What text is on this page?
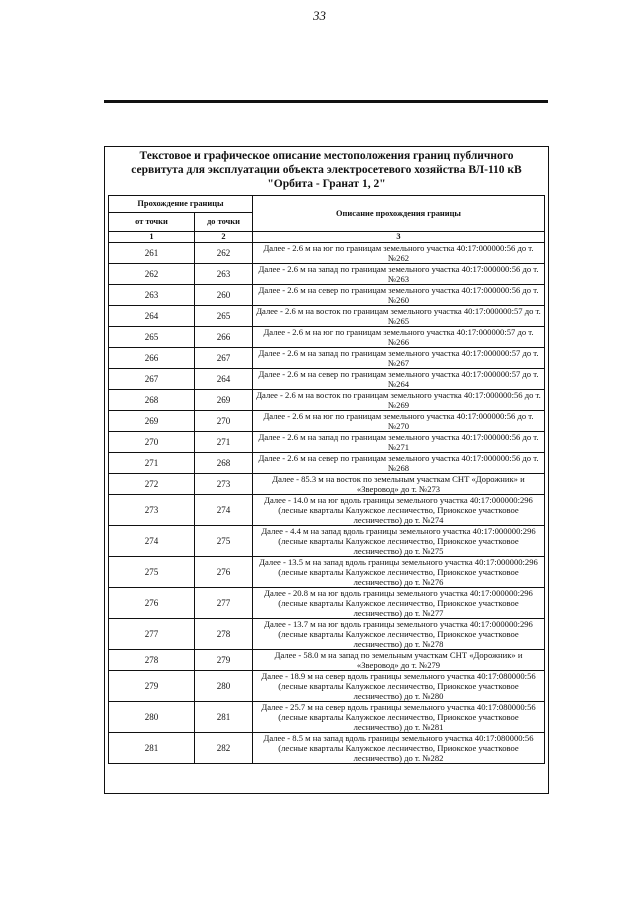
33
Текстовое и графическое описание местоположения границ публичного
сервитута для эксплуатации объекта электросетевого хозяйства ВЛ-110 кВ
"Орбита - Гранат 1, 2"
Прохождение границы		Описание прохождения границы
от точки	до точки	
1	2	3
261	262	Далее - 2.6 м на юг по границам земельного участка 40:17:000000:56 до т. №262
262	263	Далее - 2.6 м на запад по границам земельного участка 40:17:000000:56 до т. №263
263	260	Далее - 2.6 м на север по границам земельного участка 40:17:000000:56 до т. №260
264	265	Далее - 2.6 м на восток по границам земельного участка 40:17:000000:57 до т. №265
265	266	Далее - 2.6 м на юг по границам земельного участка 40:17:000000:57 до т. №266
266	267	Далее - 2.6 м на запад по границам земельного участка 40:17:000000:57 до т. №267
267	264	Далее - 2.6 м на север по границам земельного участка 40:17:000000:57 до т. №264
268	269	Далее - 2.6 м на восток по границам земельного участка 40:17:000000:56 до т. №269
269	270	Далее - 2.6 м на юг по границам земельного участка 40:17:000000:56 до т. №270
270	271	Далее - 2.6 м на запад по границам земельного участка 40:17:000000:56 до т. №271
271	268	Далее - 2.6 м на север по границам земельного участка 40:17:000000:56 до т. №268
272	273	Далее - 85.3 м на восток по земельным участкам СНТ «Дорожник» и «Зверовод» до т. №273
273	274	Далее - 14.0 м на юг вдоль границы земельного участка 40:17:000000:296 (лесные кварталы Калужское лесничество, Приокское участковое лесничество) до т. №274
274	275	Далее - 4.4 м на запад вдоль границы земельного участка 40:17:000000:296 (лесные кварталы Калужское лесничество, Приокское участковое лесничество) до т. №275
275	276	Далее - 13.5 м на запад вдоль границы земельного участка 40:17:000000:296 (лесные кварталы Калужское лесничество, Приокское участковое лесничество) до т. №276
276	277	Далее - 20.8 м на юг вдоль границы земельного участка 40:17:000000:296 (лесные кварталы Калужское лесничество, Приокское участковое лесничество) до т. №277
277	278	Далее - 13.7 м на юг вдоль границы земельного участка 40:17:000000:296 (лесные кварталы Калужское лесничество, Приокское участковое лесничество) до т. №278
278	279	Далее - 58.0 м на запад по земельным участкам СНТ «Дорожник» и «Зверовод» до т. №279
279	280	Далее - 18.9 м на север вдоль границы земельного участка 40:17:080000:56 (лесные кварталы Калужское лесничество, Приокское участковое лесничество) до т. №280
280	281	Далее - 25.7 м на север вдоль границы земельного участка 40:17:080000:56 (лесные кварталы Калужское лесничество, Приокское участковое лесничество) до т. №281
281	282	Далее - 8.5 м на запад вдоль границы земельного участка 40:17:080000:56 (лесные кварталы Калужское лесничество, Приокское участковое лесничество) до т. №282
